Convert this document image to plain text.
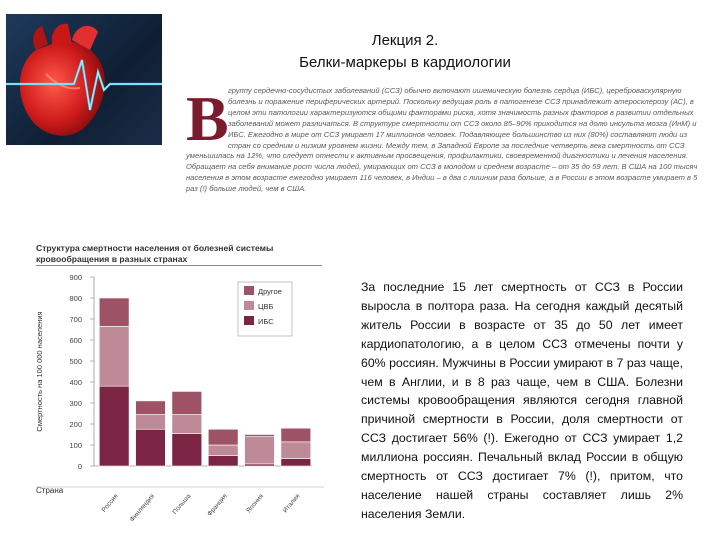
Лекция 2.
Белки-маркеры в кардиологии
В группу сердечно-сосудистых заболеваний (ССЗ) обычно включают ишемическую болезнь сердца (ИБС), цереброваскулярную болезнь и поражение периферических артерий. Поскольку ведущая роль в патогенезе ССЗ принадлежит атеросклерозу (АС), в целом эти патологии характеризуются общими факторами риска, хотя значимость разных факторов в развитии отдельных заболеваний может различаться. В структуре смертности от ССЗ около 85–90% приходится на долю инсульта мозга (ИнМ) и ИБС. Ежегодно в мире от ССЗ умирает 17 миллионов человек. Подавляющее большинство из них (80%) составляют люди из стран со средним и низким уровнем жизни. Между тем, в Западной Европе за последние четверть века смертность от ССЗ уменьшилась на 12%, что следует отнести к активным просвещения, профилактики, своевременной диагностики и лечения населения. Обращает на себя внимание рост числа людей, умирающих от ССЗ в молодом и среднем возрасте – от 35 до 59 лет. В США на 100 тысяч населения в этом возрасте ежегодно умирает 116 человек, в Индии – в два с лишним раза больше, а в России в этом возрасте умирает в 5 раз (!) больше людей, чем в США.
Структура смертности населения от болезней системы
кровообращения в разных странах
Смертность на 100 000 населения
0
100
200
300
400
500
600
700
800
900
Россия Финляндия Польша Франция	Япония	Италия
Страна
Другое
ЦВБ
ИБС
За последние 15 лет смертность от ССЗ в России выросла в полтора раза. На сегодня каждый десятый житель России в возрасте от 35 до 50 лет имеет кардиопатологию, а в целом ССЗ отмечены почти у 60% россиян. Мужчины в России умирают в 7 раз чаще, чем в Англии, и в 8 раз чаще, чем в США. Болезни системы кровообращения являются сегодня главной причиной смертности в России, доля смертности от ССЗ достигает 56% (!). Ежегодно от ССЗ умирает 1,2 миллиона россиян. Печальный вклад России в общую смертность от ССЗ достигает 7% (!), притом, что население нашей страны составляет лишь 2% населения Земли.
